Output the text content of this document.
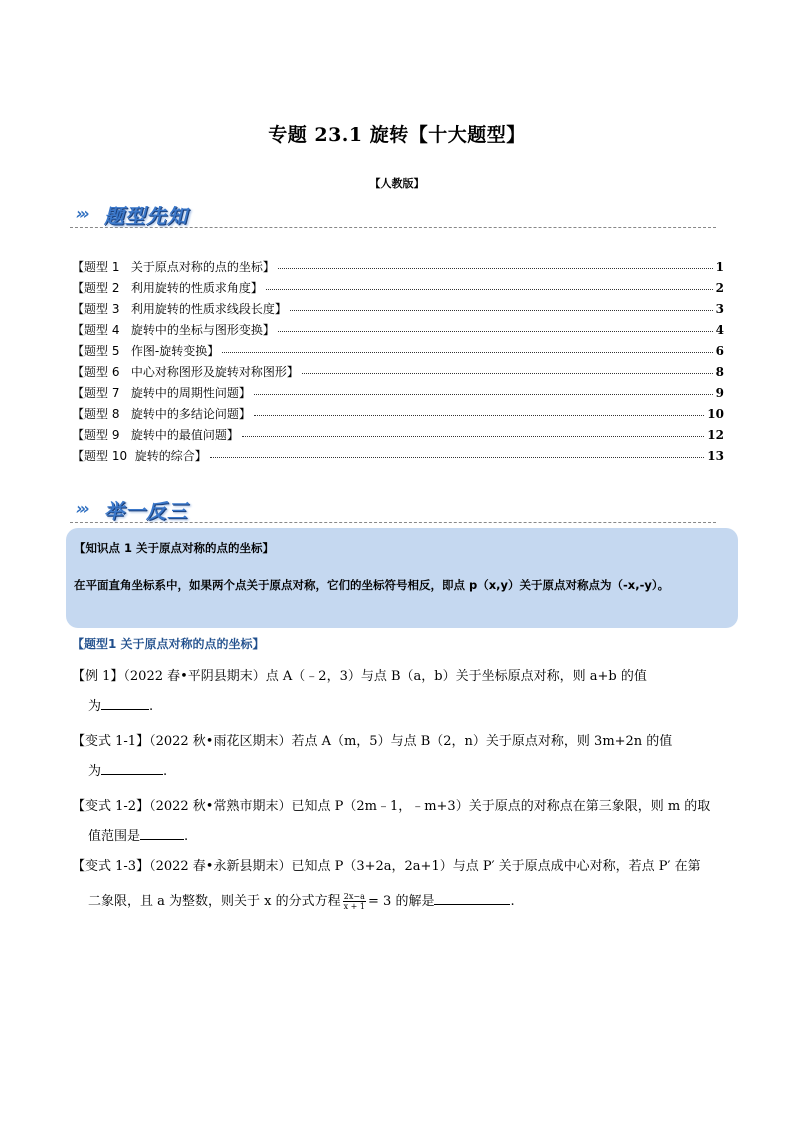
专题 23.1 旋转【十大题型】
【人教版】
››› 题型先知
【题型 1   关于原点对称的点的坐标】	1
【题型 2   利用旋转的性质求角度】	2
【题型 3   利用旋转的性质求线段长度】	3
【题型 4   旋转中的坐标与图形变换】	4
【题型 5   作图-旋转变换】	6
【题型 6   中心对称图形及旋转对称图形】	8
【题型 7   旋转中的周期性问题】	9
【题型 8   旋转中的多结论问题】	10
【题型 9   旋转中的最值问题】	12
【题型 10  旋转的综合】	13
››› 举一反三
【知识点 1 关于原点对称的点的坐标】
在平面直角坐标系中，如果两个点关于原点对称，它们的坐标符号相反，即点 p（x,y）关于原点对称点为（-x,-y）。
【题型1 关于原点对称的点的坐标】
【例 1】（2022 春•平阴县期末）点 A（﹣2，3）与点 B（a，b）关于坐标原点对称，则 a+b 的值
为	.
【变式 1-1】（2022 秋•雨花区期末）若点 A（m，5）与点 B（2，n）关于原点对称，则 3m+2n 的值
为	.
【变式 1-2】（2022 秋•常熟市期末）已知点 P（2m﹣1，﹣m+3）关于原点的对称点在第三象限，则 m 的取
值范围是	.
【变式 1-3】（2022 春•永新县期末）已知点 P（3+2a，2a+1）与点 P′ 关于原点成中心对称，若点 P′ 在第
二象限，且 a 为整数，则关于 x 的分式方程 $\frac{2x-a}{x + 1} = 3$ 的解是	.
